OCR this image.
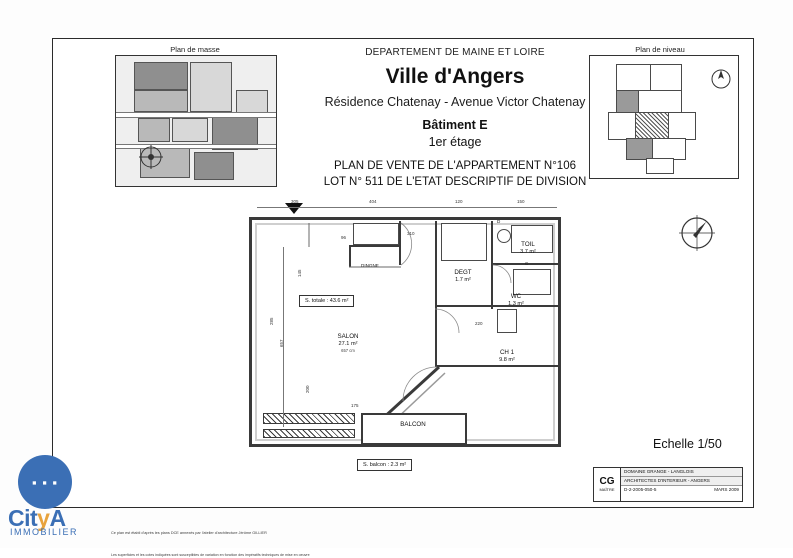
Plan de masse	DEPARTEMENT DE MAINE ET LOIRE
Ville d'Angers
Résidence Chatenay - Avenue Victor Chatenay
Bâtiment E
1er étage
PLAN DE VENTE DE L'APPARTEMENT N°106
LOT N° 511 DE L'ETAT DESCRIPTIF DE DIVISION
Plan de niveau
BALCON
SALON
27.1 m²
657 cm	CH 1
9.8 m²
TOIL
3.7 m²
DEGT
1.7 m²
WC
1.3 m²
DINGNE
D
C
S. totale : 43.6 m²
S. balcon : 2.3 m²
305	404	120	150
657
285
145
200
96
310
220
175
Echelle 1/50
CG
MAÎTRE
DOMAINE GRANGE - LANGLOIS
ARCHITECTES D'INTERIEUR - ANGERS
D-2-2005-050-5	MARS 2009
Ce plan est établi d'après les plans DCE annexés par l'atelier d'architecture Jérôme GILLIER
Les superficies et les cotes indiquées sont susceptibles de variation en fonction des impératifs techniques de mise en oeuvre
▪ ▪ ▪
CityA
IMMOBILIER
